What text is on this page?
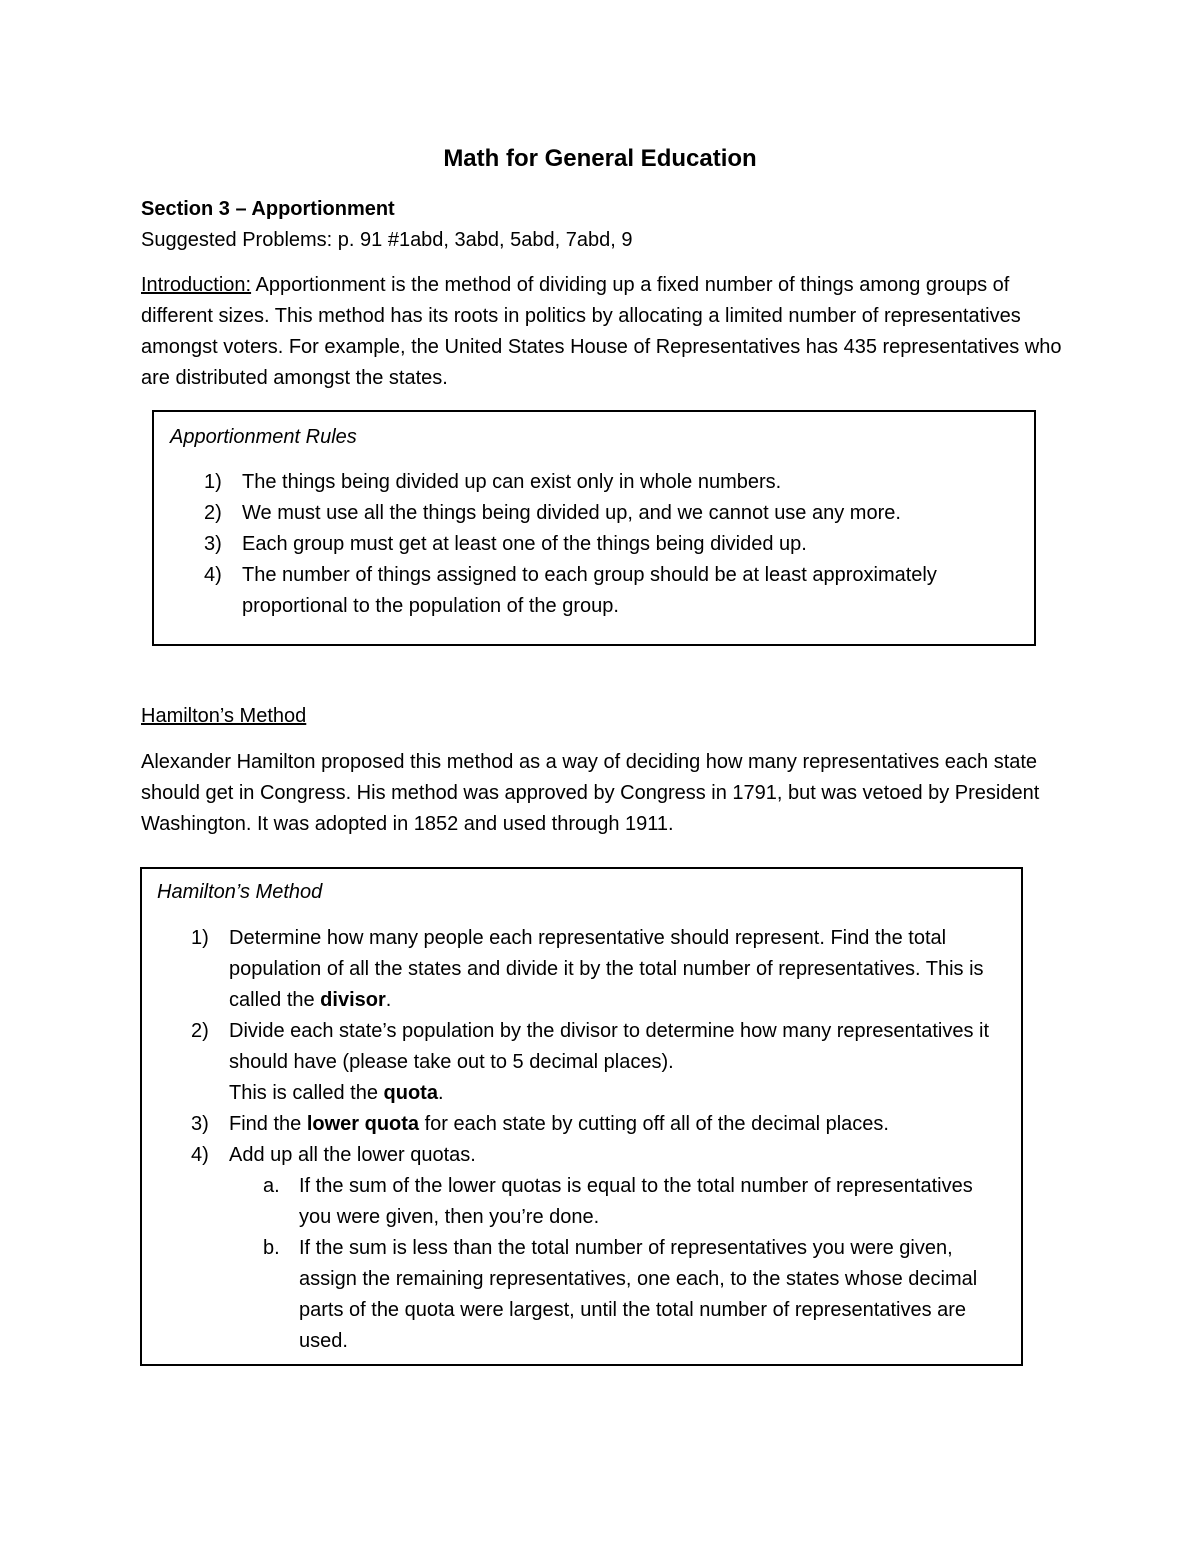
Math for General Education
Section 3 – Apportionment
Suggested Problems: p. 91 #1abd, 3abd, 5abd, 7abd, 9
Introduction: Apportionment is the method of dividing up a fixed number of things among groups of different sizes. This method has its roots in politics by allocating a limited number of representatives amongst voters. For example, the United States House of Representatives has 435 representatives who are distributed amongst the states.
Apportionment Rules
1) The things being divided up can exist only in whole numbers.
2) We must use all the things being divided up, and we cannot use any more.
3) Each group must get at least one of the things being divided up.
4) The number of things assigned to each group should be at least approximately proportional to the population of the group.
Hamilton’s Method
Alexander Hamilton proposed this method as a way of deciding how many representatives each state should get in Congress. His method was approved by Congress in 1791, but was vetoed by President Washington. It was adopted in 1852 and used through 1911.
Hamilton’s Method
1) Determine how many people each representative should represent. Find the total population of all the states and divide it by the total number of representatives. This is called the divisor.
2) Divide each state’s population by the divisor to determine how many representatives it should have (please take out to 5 decimal places).
This is called the quota.
3) Find the lower quota for each state by cutting off all of the decimal places.
4) Add up all the lower quotas.
a. If the sum of the lower quotas is equal to the total number of representatives you were given, then you’re done.
b. If the sum is less than the total number of representatives you were given, assign the remaining representatives, one each, to the states whose decimal parts of the quota were largest, until the total number of representatives are used.
